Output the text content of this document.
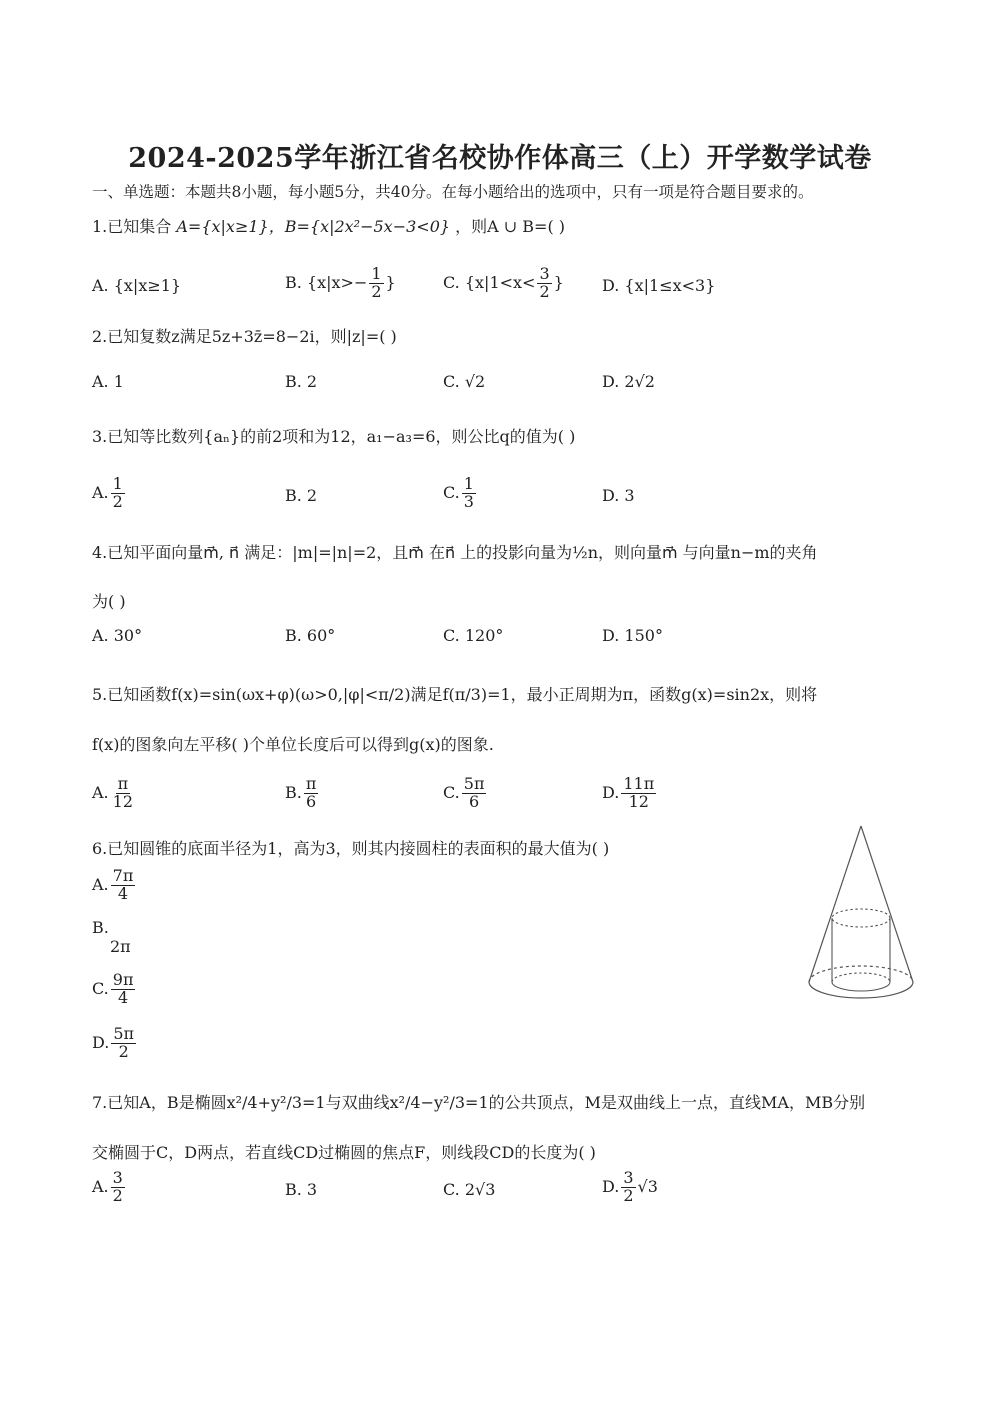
2024-2025学年浙江省名校协作体高三（上）开学数学试卷
一、单选题：本题共8小题，每小题5分，共40分。在每小题给出的选项中，只有一项是符合题目要求的。
1.已知集合 A={x|x≥1}，B={x|2x²−5x−3<0} ，则A ∪ B=( )
A. {x|x≥1}	B. {$x|x>- \frac{1}{2}$ }	C. {$x|1<x< \frac{3}{2}$ } D. {x|1≤x<3}
2.已知复数z满足5z+3z̄=8−2i，则|z|=( )
A. 1	B. 2	C. √2	D. 2√2
3.已知等比数列{aₙ}的前2项和为12，a₁−a₃=6，则公比q的值为( )
A. $\frac{1}{2}$	B. 2	C. $\frac{1}{3}$	D. 3
4.已知平面向量m⃗, n⃗ 满足：|m|=|n|=2，且m⃗ 在n⃗ 上的投影向量为½n，则向量m⃗ 与向量n−m的夹角
为( )
A. 30°	B. 60°	C. 120°	D. 150°
5.已知函数f(x)=sin(ωx+φ)(ω>0,|φ|<π/2)满足f(π/3)=1，最小正周期为π，函数g(x)=sin2x，则将
f(x)的图象向左平移( )个单位长度后可以得到g(x)的图象.
A. $\frac{\pi}{12}$	B. $\frac{\pi}{6}$	C. $\frac{5\pi}{6}$	D. $\frac{11\pi}{12}$
6.已知圆锥的底面半径为1，高为3，则其内接圆柱的表面积的最大值为( )
A. $\frac{7\pi}{4}$
B.
2π
C. $\frac{9\pi}{4}$
D. $\frac{5\pi}{2}$
7.已知A，B是椭圆x²/4+y²/3=1与双曲线x²/4−y²/3=1的公共顶点，M是双曲线上一点，直线MA，MB分别
交椭圆于C，D两点，若直线CD过椭圆的焦点F，则线段CD的长度为( )
A. $\frac{3}{2}$	B. 3	C. 2√3	D. $\frac{3}{2} √3$
